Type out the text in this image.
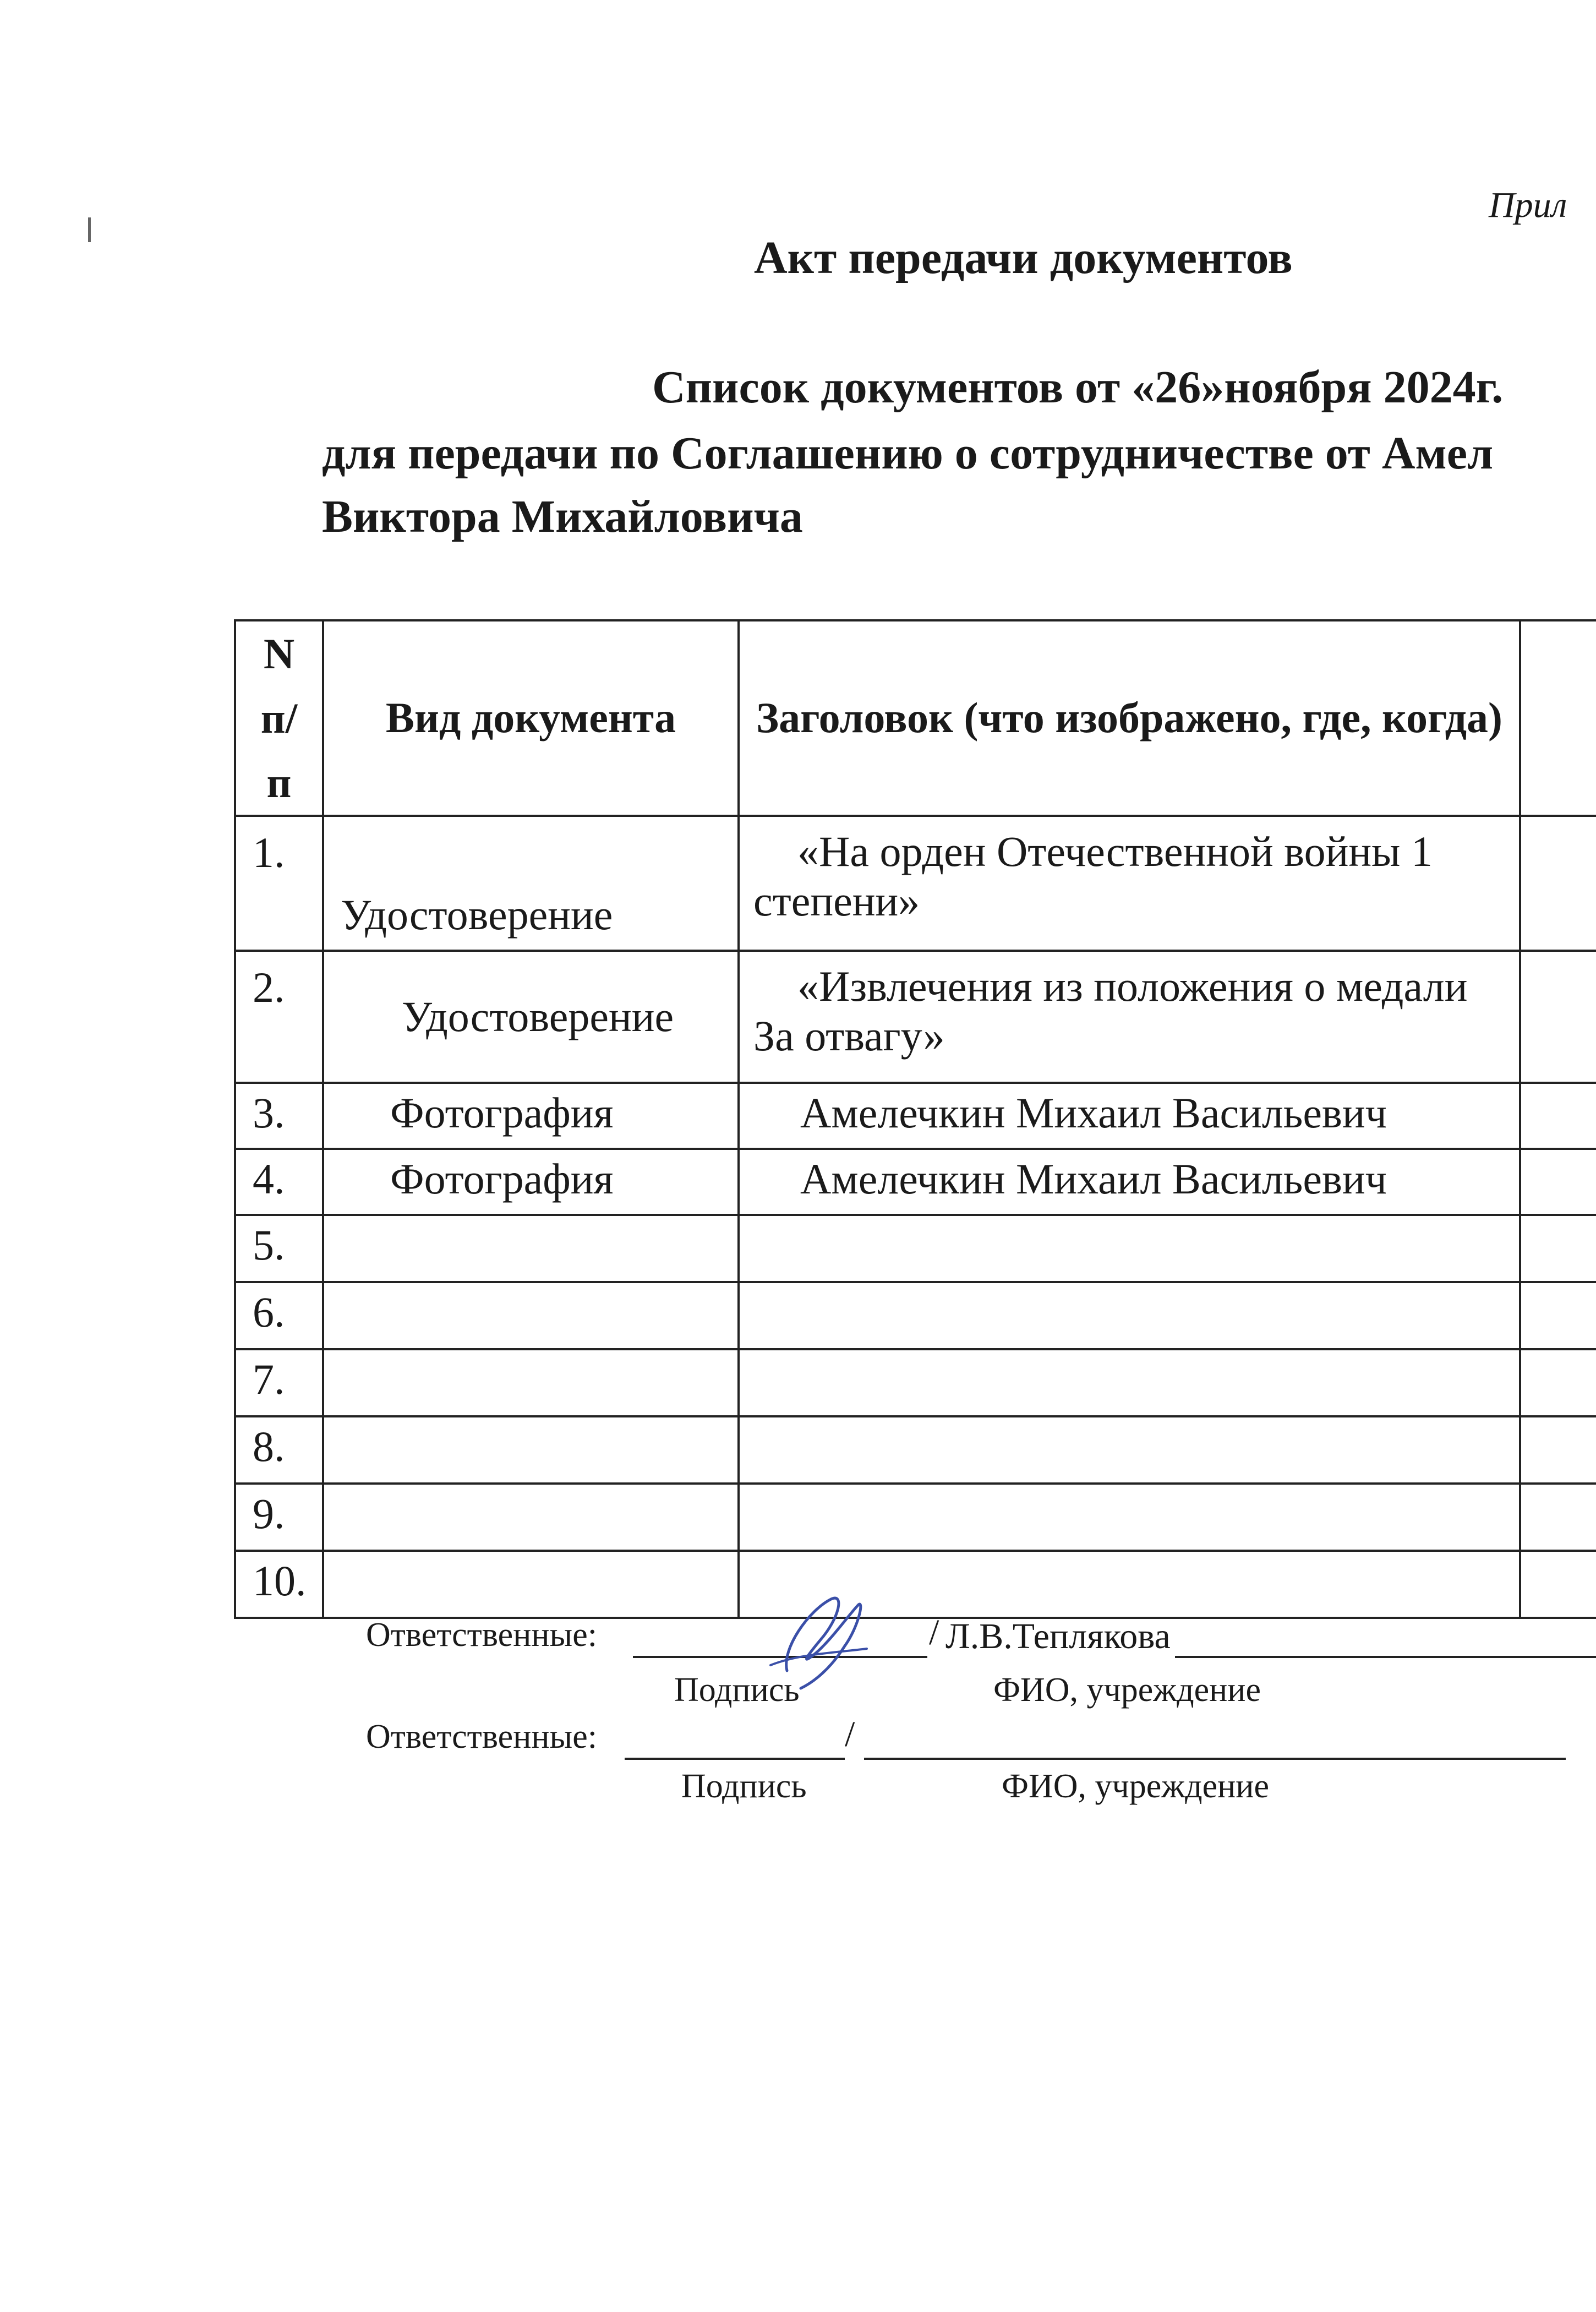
Прил
Акт передачи документов
Список документов от «26»ноября 2024г.
для передачи по Соглашению о сотрудничестве от Амел
Виктора Михайловича
N п/ п	Вид документа	Заголовок (что изображено, где, когда)	
1.	Удостоверение	«На орден Отечественной войны 1 степени»	
2.	Удостоверение	«Извлечения из положения о медали За отвагу»	
3.	Фотография	Амелечкин Михаил Васильевич	
4.	Фотография	Амелечкин Михаил Васильевич	
5.			
6.			
7.			
8.			
9.			
10.			
Ответственные:	/ Л.В.Теплякова
Подпись	ФИО, учреждение
Ответственные:	/
Подпись	ФИО, учреждение
